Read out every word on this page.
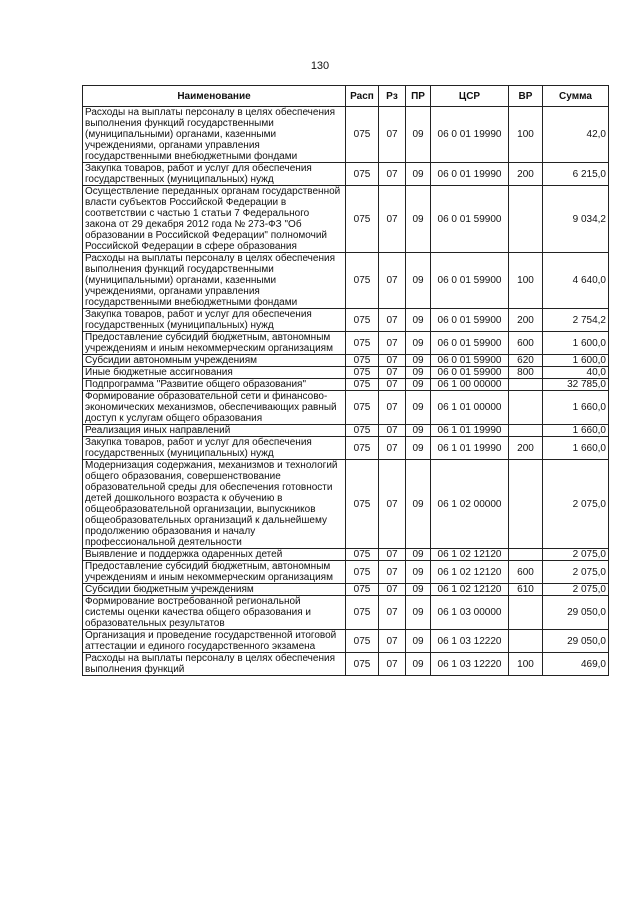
130
Наименование	Расп	Рз	ПР	ЦСР	ВР	Сумма
Расходы на выплаты персоналу в целях обеспечения выполнения функций государственными (муниципальными) органами, казенными учреждениями, органами управления государственными внебюджетными фондами	075	07	09	06 0 01 19990	100	42,0
Закупка товаров, работ и услуг для обеспечения государственных (муниципальных) нужд	075	07	09	06 0 01 19990	200	6 215,0
Осуществление переданных органам государственной власти субъектов Российской Федерации в соответствии с частью 1 статьи 7 Федерального закона от 29 декабря 2012 года № 273-ФЗ "Об образовании в Российской Федерации" полномочий Российской Федерации в сфере образования	075	07	09	06 0 01 59900		9 034,2
Расходы на выплаты персоналу в целях обеспечения выполнения функций государственными (муниципальными) органами, казенными учреждениями, органами управления государственными внебюджетными фондами	075	07	09	06 0 01 59900	100	4 640,0
Закупка товаров, работ и услуг для обеспечения государственных (муниципальных) нужд	075	07	09	06 0 01 59900	200	2 754,2
Предоставление субсидий бюджетным, автономным учреждениям и иным некоммерческим организациям	075	07	09	06 0 01 59900	600	1 600,0
Субсидии автономным учреждениям	075	07	09	06 0 01 59900	620	1 600,0
Иные бюджетные ассигнования	075	07	09	06 0 01 59900	800	40,0
Подпрограмма "Развитие общего образования"	075	07	09	06 1 00 00000		32 785,0
Формирование образовательной сети и финансово-экономических механизмов, обеспечивающих равный доступ к услугам общего образования	075	07	09	06 1 01 00000		1 660,0
Реализация иных направлений	075	07	09	06 1 01 19990		1 660,0
Закупка товаров, работ и услуг для обеспечения государственных (муниципальных) нужд	075	07	09	06 1 01 19990	200	1 660,0
Модернизация содержания, механизмов и технологий общего образования, совершенствование образовательной среды для обеспечения готовности детей дошкольного возраста к обучению в общеобразовательной организации, выпускников общеобразовательных организаций к дальнейшему продолжению образования и началу профессиональной деятельности	075	07	09	06 1 02 00000		2 075,0
Выявление и поддержка одаренных детей	075	07	09	06 1 02 12120		2 075,0
Предоставление субсидий бюджетным, автономным учреждениям и иным некоммерческим организациям	075	07	09	06 1 02 12120	600	2 075,0
Субсидии бюджетным учреждениям	075	07	09	06 1 02 12120	610	2 075,0
Формирование востребованной региональной системы оценки качества общего образования и образовательных результатов	075	07	09	06 1 03 00000		29 050,0
Организация и проведение государственной итоговой аттестации и единого государственного экзамена	075	07	09	06 1 03 12220		29 050,0
Расходы на выплаты персоналу в целях обеспечения выполнения функций	075	07	09	06 1 03 12220	100	469,0
